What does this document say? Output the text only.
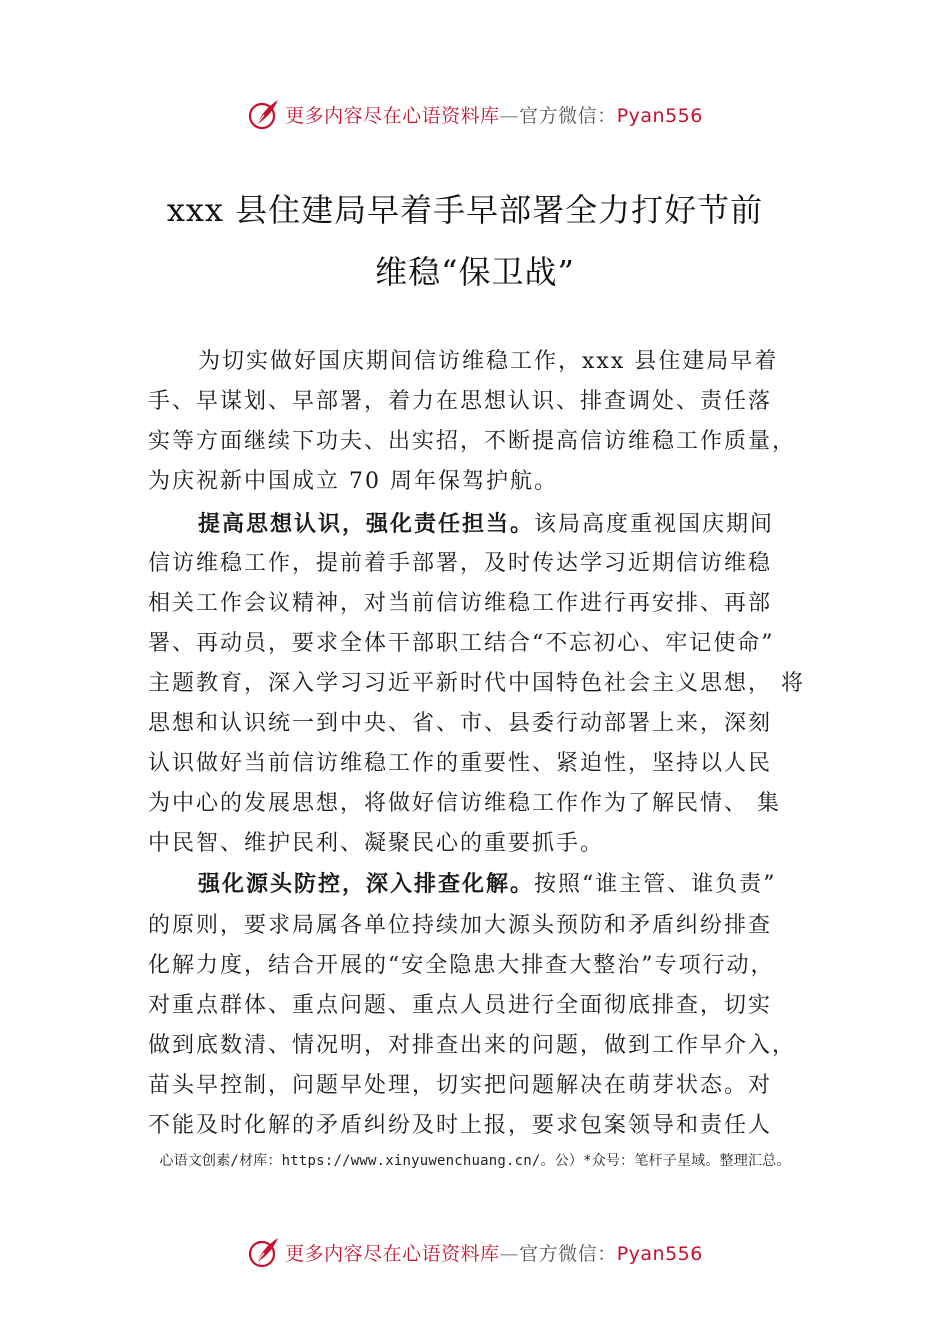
更多内容尽在心语资料库—官方微信：Pyan556
xxx 县住建局早着手早部署全力打好节前
维稳“保卫战”
为切实做好国庆期间信访维稳工作，xxx 县住建局早着
手、早谋划、早部署，着力在思想认识、排查调处、责任落
实等方面继续下功夫、出实招，不断提高信访维稳工作质量，
为庆祝新中国成立 70 周年保驾护航。
提高思想认识，强化责任担当。该局高度重视国庆期间
信访维稳工作，提前着手部署，及时传达学习近期信访维稳
相关工作会议精神，对当前信访维稳工作进行再安排、再部
署、再动员，要求全体干部职工结合“不忘初心、牢记使命”
主题教育，深入学习习近平新时代中国特色社会主义思想， 将
思想和认识统一到中央、省、市、县委行动部署上来，深刻
认识做好当前信访维稳工作的重要性、紧迫性，坚持以人民
为中心的发展思想，将做好信访维稳工作作为了解民情、 集
中民智、维护民利、凝聚民心的重要抓手。
强化源头防控，深入排查化解。按照“谁主管、谁负责”
的原则，要求局属各单位持续加大源头预防和矛盾纠纷排查
化解力度，结合开展的“安全隐患大排查大整治”专项行动，
对重点群体、重点问题、重点人员进行全面彻底排查，切实
做到底数清、情况明，对排查出来的问题，做到工作早介入，
苗头早控制，问题早处理，切实把问题解决在萌芽状态。对
不能及时化解的矛盾纠纷及时上报，要求包案领导和责任人
心语文创素/材库：https://www.xinyuwenchuang.cn/。公）*众号：笔杆子星域。整理汇总。
更多内容尽在心语资料库—官方微信：Pyan556
